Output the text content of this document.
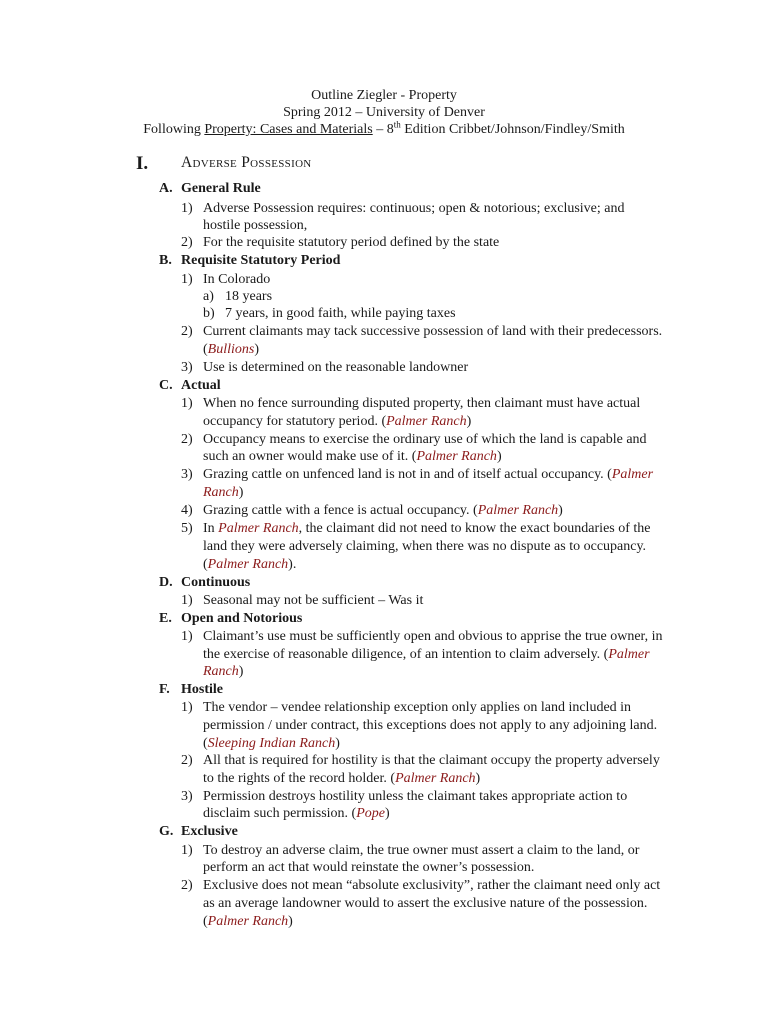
Outline Ziegler - Property
Spring 2012 – University of Denver
Following Property: Cases and Materials – 8th Edition Cribbet/Johnson/Findley/Smith
I. Adverse Possession
A. General Rule
1) Adverse Possession requires: continuous; open & notorious; exclusive; and
hostile possession,
2) For the requisite statutory period defined by the state
B. Requisite Statutory Period
1) In Colorado
a) 18 years
b) 7 years, in good faith, while paying taxes
2) Current claimants may tack successive possession of land with their predecessors.
(Bullions)
3) Use is determined on the reasonable landowner
C. Actual
1) When no fence surrounding disputed property, then claimant must have actual
occupancy for statutory period. (Palmer Ranch)
2) Occupancy means to exercise the ordinary use of which the land is capable and
such an owner would make use of it. (Palmer Ranch)
3) Grazing cattle on unfenced land is not in and of itself actual occupancy. (Palmer
Ranch)
4) Grazing cattle with a fence is actual occupancy. (Palmer Ranch)
5) In Palmer Ranch, the claimant did not need to know the exact boundaries of the
land they were adversely claiming, when there was no dispute as to occupancy.
(Palmer Ranch).
D. Continuous
1) Seasonal may not be sufficient – Was it
E. Open and Notorious
1) Claimant’s use must be sufficiently open and obvious to apprise the true owner, in
the exercise of reasonable diligence, of an intention to claim adversely. (Palmer
Ranch)
F. Hostile
1) The vendor – vendee relationship exception only applies on land included in
permission / under contract, this exceptions does not apply to any adjoining land.
(Sleeping Indian Ranch)
2) All that is required for hostility is that the claimant occupy the property adversely
to the rights of the record holder. (Palmer Ranch)
3) Permission destroys hostility unless the claimant takes appropriate action to
disclaim such permission. (Pope)
G. Exclusive
1) To destroy an adverse claim, the true owner must assert a claim to the land, or
perform an act that would reinstate the owner’s possession.
2) Exclusive does not mean “absolute exclusivity”, rather the claimant need only act
as an average landowner would to assert the exclusive nature of the possession.
(Palmer Ranch)
